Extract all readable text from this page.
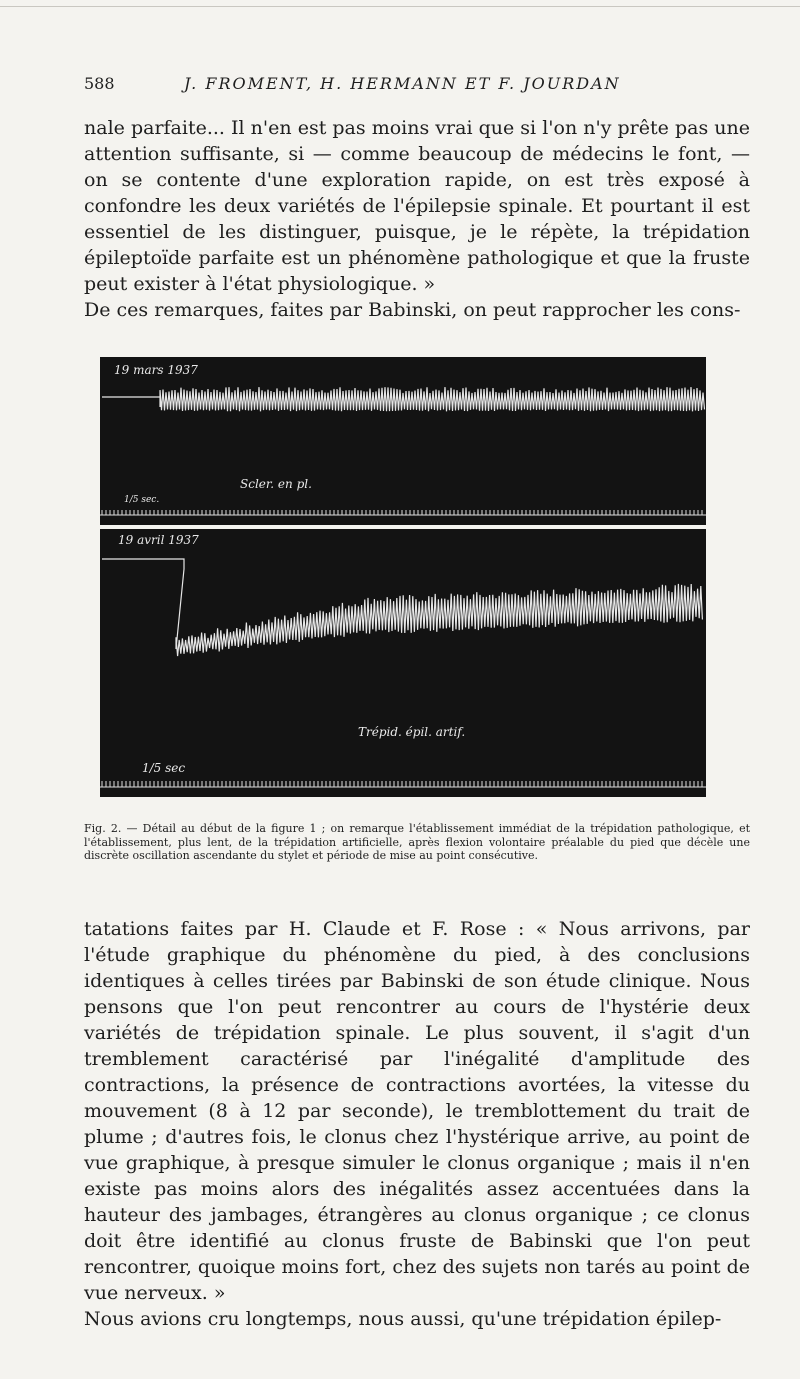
588	J. FROMENT, H. HERMANN ET F. JOURDAN

nale parfaite... Il n'en est pas moins vrai que si l'on n'y prête pas une attention suffisante, si — comme beaucoup de médecins le font, — on se contente d'une exploration rapide, on est très exposé à confondre les deux variétés de l'épilepsie spinale. Et pourtant il est essentiel de les distinguer, puisque, je le répète, la trépidation épileptoïde parfaite est un phénomène pathologique et que la fruste peut exister à l'état physiologique. »

De ces remarques, faites par Babinski, on peut rapprocher les cons-

19 mars 1937
Scler. en pl.
1/5 sec.
19 avril 1937
Trépid. épil. artif.
1/5 sec
Fig. 2. — Détail au début de la figure 1 ; on remarque l'établissement immédiat de la trépidation pathologique, et l'établissement, plus lent, de la trépidation artificielle, après flexion volontaire préalable du pied que décèle une discrète oscillation ascendante du stylet et période de mise au point consécutive.

tatations faites par H. Claude et F. Rose : « Nous arrivons, par l'étude graphique du phénomène du pied, à des conclusions identiques à celles tirées par Babinski de son étude clinique. Nous pensons que l'on peut rencontrer au cours de l'hystérie deux variétés de trépidation spinale. Le plus souvent, il s'agit d'un tremblement caractérisé par l'inégalité d'amplitude des contractions, la présence de contractions avortées, la vitesse du mouvement (8 à 12 par seconde), le tremblottement du trait de plume ; d'autres fois, le clonus chez l'hystérique arrive, au point de vue graphique, à presque simuler le clonus organique ; mais il n'en existe pas moins alors des inégalités assez accentuées dans la hauteur des jambages, étrangères au clonus organique ; ce clonus doit être identifié au clonus fruste de Babinski que l'on peut rencontrer, quoique moins fort, chez des sujets non tarés au point de vue nerveux. »

Nous avions cru longtemps, nous aussi, qu'une trépidation épilep-
